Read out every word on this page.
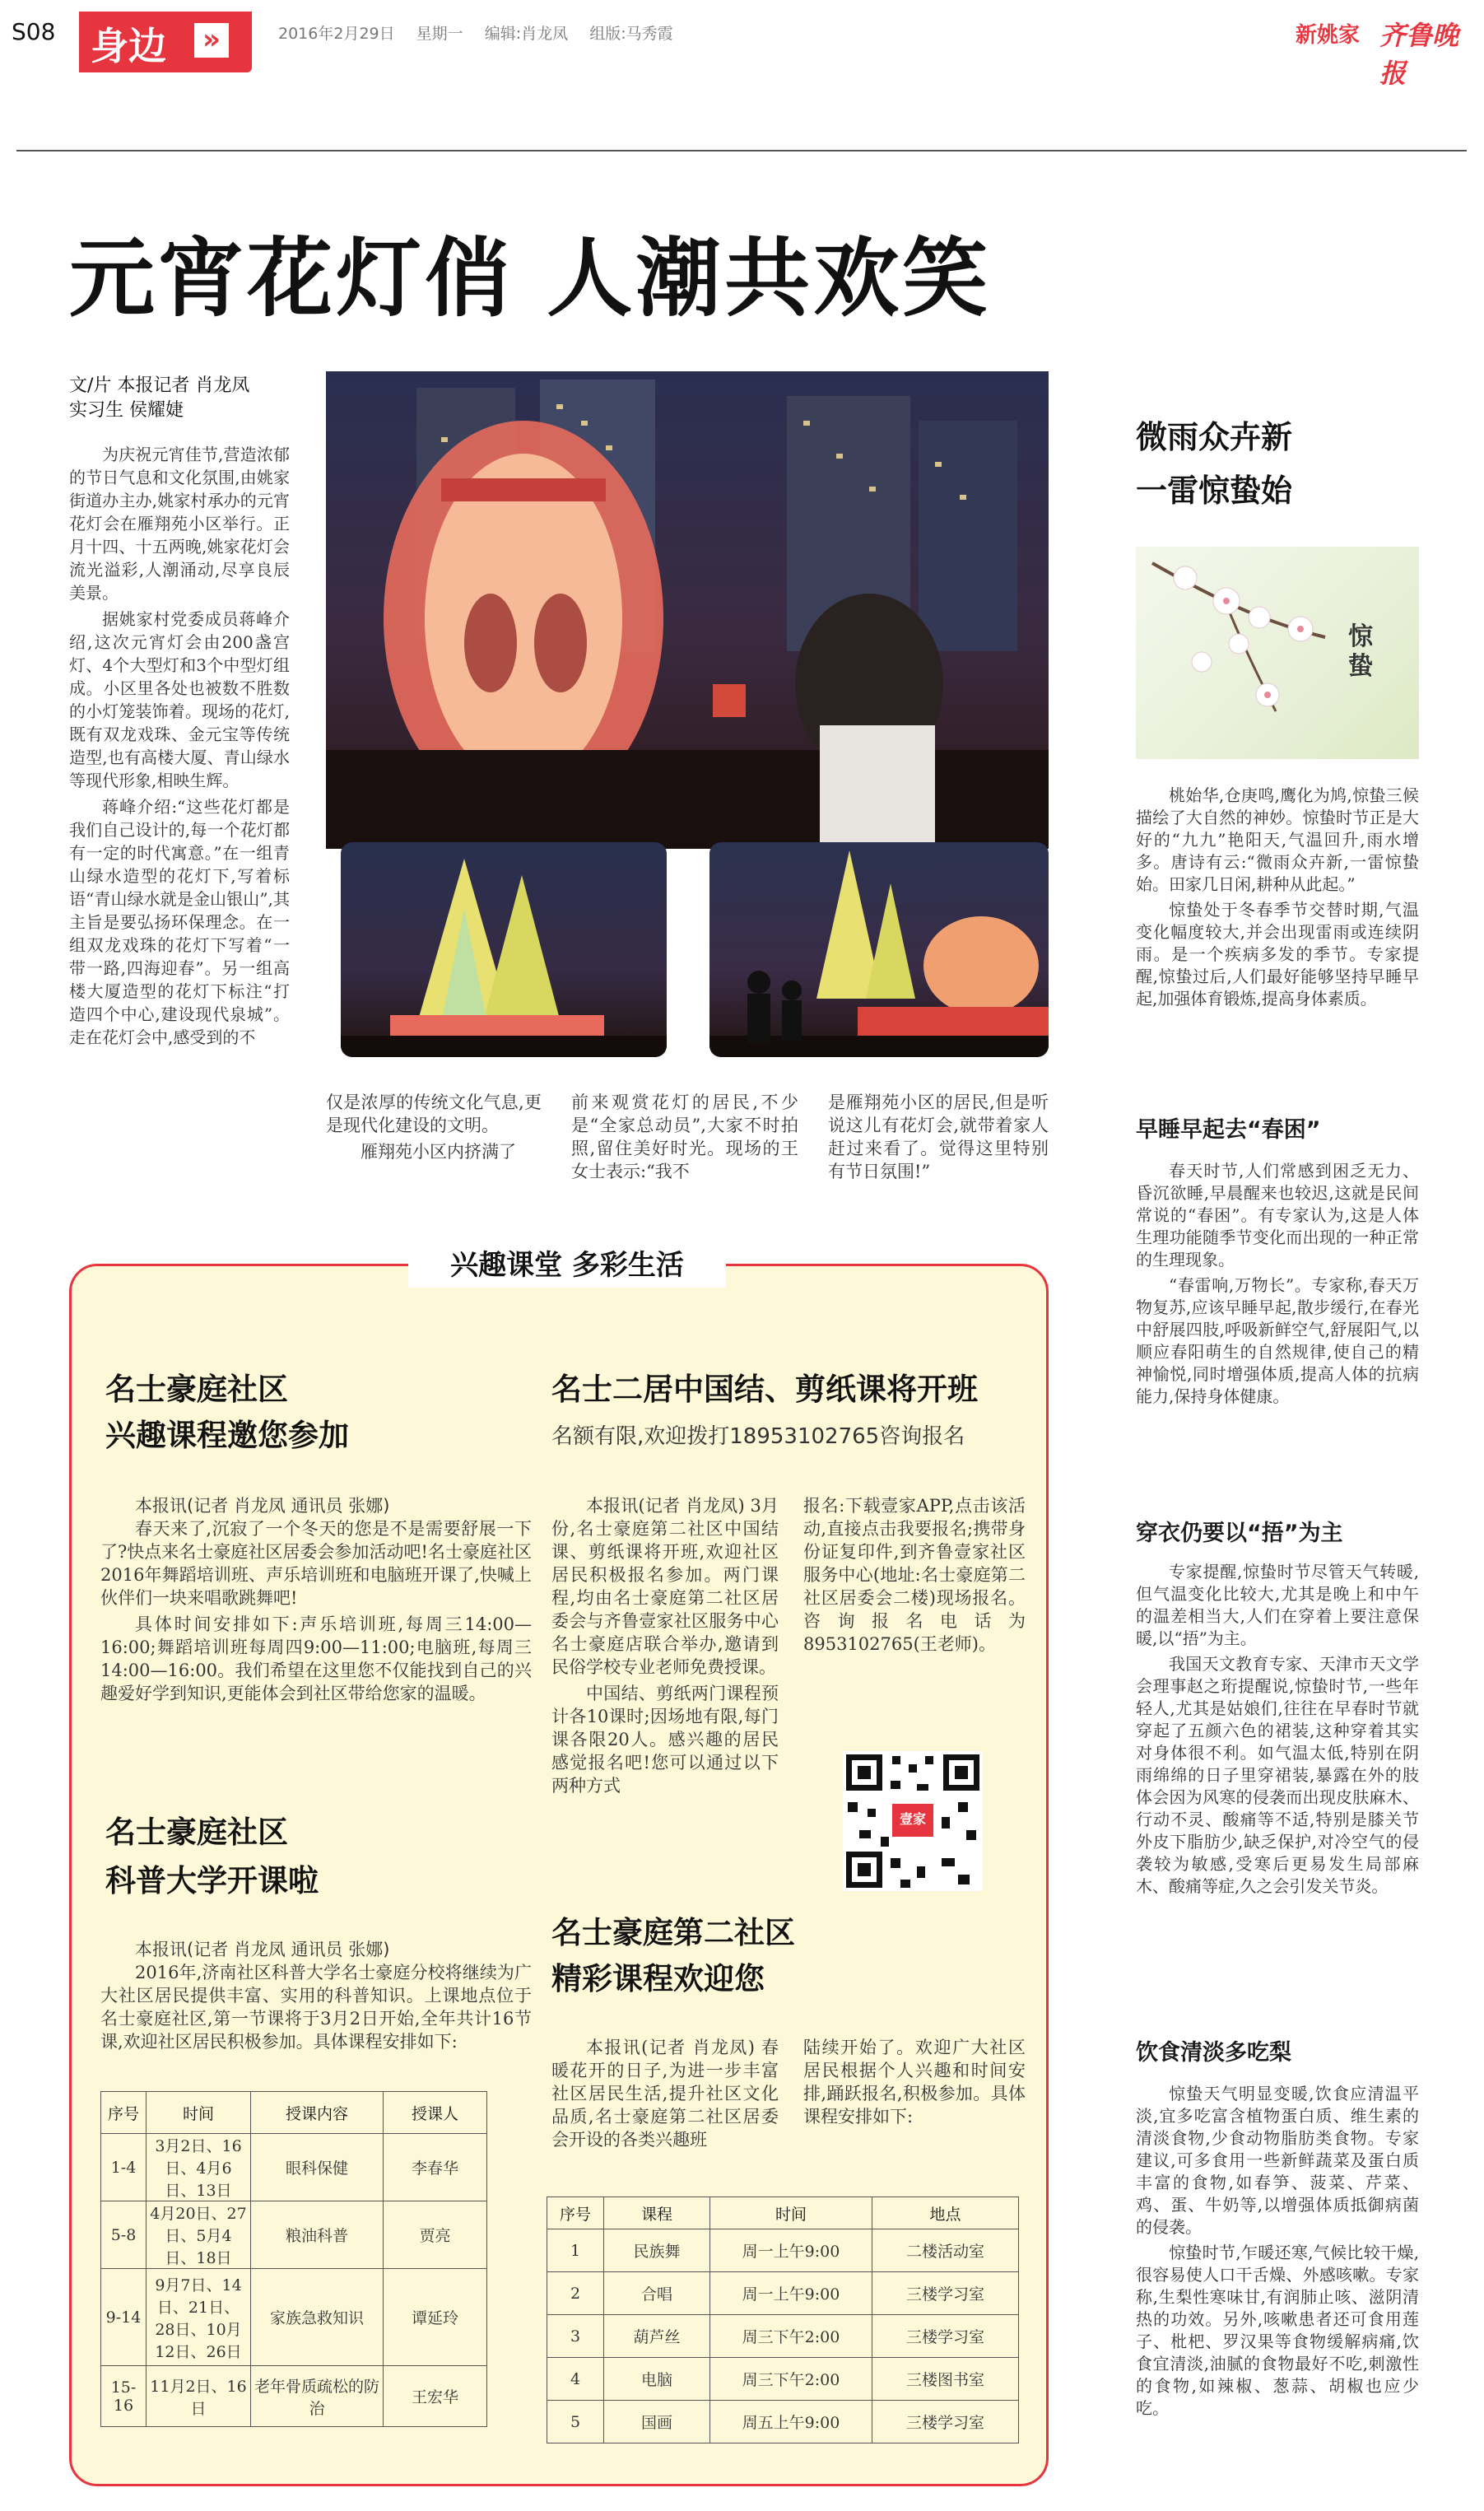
S08 身边 »	2016年2月29日 星期一 编辑:肖龙凤 组版:马秀霞	新姚家 齐鲁晚报
元宵花灯俏 人潮共欢笑
文/片 本报记者 肖龙凤
实习生 侯耀婕

为庆祝元宵佳节,营造浓郁的节日气息和文化氛围,由姚家街道办主办,姚家村承办的元宵花灯会在雁翔苑小区举行。正月十四、十五两晚,姚家花灯会流光溢彩,人潮涌动,尽享良辰美景。

据姚家村党委成员蒋峰介绍,这次元宵灯会由200盏宫灯、4个大型灯和3个中型灯组成。小区里各处也被数不胜数的小灯笼装饰着。现场的花灯,既有双龙戏珠、金元宝等传统造型,也有高楼大厦、青山绿水等现代形象,相映生辉。

蒋峰介绍:“这些花灯都是我们自己设计的,每一个花灯都有一定的时代寓意。”在一组青山绿水造型的花灯下,写着标语“青山绿水就是金山银山”,其主旨是要弘扬环保理念。在一组双龙戏珠的花灯下写着“一带一路,四海迎春”。另一组高楼大厦造型的花灯下标注“打造四个中心,建设现代泉城”。走在花灯会中,感受到的不

仅是浓厚的传统文化气息,更是现代化建设的文明。

雁翔苑小区内挤满了

前来观赏花灯的居民,不少是“全家总动员”,大家不时拍照,留住美好时光。现场的王女士表示:“我不

是雁翔苑小区的居民,但是听说这儿有花灯会,就带着家人赶过来看了。觉得这里特别有节日氛围!”

微雨众卉新
一雷惊蛰始
惊蛰

桃始华,仓庚鸣,鹰化为鸠,惊蛰三候描绘了大自然的神妙。惊蛰时节正是大好的“九九”艳阳天,气温回升,雨水增多。唐诗有云:“微雨众卉新,一雷惊蛰始。田家几日闲,耕种从此起。”

惊蛰处于冬春季节交替时期,气温变化幅度较大,并会出现雷雨或连续阴雨。是一个疾病多发的季节。专家提醒,惊蛰过后,人们最好能够坚持早睡早起,加强体育锻炼,提高身体素质。

早睡早起去“春困”

春天时节,人们常感到困乏无力、昏沉欲睡,早晨醒来也较迟,这就是民间常说的“春困”。有专家认为,这是人体生理功能随季节变化而出现的一种正常的生理现象。

“春雷响,万物长”。专家称,春天万物复苏,应该早睡早起,散步缓行,在春光中舒展四肢,呼吸新鲜空气,舒展阳气,以顺应春阳萌生的自然规律,使自己的精神愉悦,同时增强体质,提高人体的抗病能力,保持身体健康。

穿衣仍要以“捂”为主

专家提醒,惊蛰时节尽管天气转暖,但气温变化比较大,尤其是晚上和中午的温差相当大,人们在穿着上要注意保暖,以“捂”为主。

我国天文教育专家、天津市天文学会理事赵之珩提醒说,惊蛰时节,一些年轻人,尤其是姑娘们,往往在早春时节就穿起了五颜六色的裙装,这种穿着其实对身体很不利。如气温太低,特别在阴雨绵绵的日子里穿裙装,暴露在外的肢体会因为风寒的侵袭而出现皮肤麻木、行动不灵、酸痛等不适,特别是膝关节外皮下脂肪少,缺乏保护,对冷空气的侵袭较为敏感,受寒后更易发生局部麻木、酸痛等症,久之会引发关节炎。

饮食清淡多吃梨

惊蛰天气明显变暖,饮食应清温平淡,宜多吃富含植物蛋白质、维生素的清淡食物,少食动物脂肪类食物。专家建议,可多食用一些新鲜蔬菜及蛋白质丰富的食物,如春笋、菠菜、芹菜、鸡、蛋、牛奶等,以增强体质抵御病菌的侵袭。

惊蛰时节,乍暖还寒,气候比较干燥,很容易使人口干舌燥、外感咳嗽。专家称,生梨性寒味甘,有润肺止咳、滋阴清热的功效。另外,咳嗽患者还可食用莲子、枇杷、罗汉果等食物缓解病痛,饮食宜清淡,油腻的食物最好不吃,刺激性的食物,如辣椒、葱蒜、胡椒也应少吃。

兴趣课堂 多彩生活
名士豪庭社区
兴趣课程邀您参加

本报讯(记者 肖龙凤 通讯员 张娜)

春天来了,沉寂了一个冬天的您是不是需要舒展一下了?快点来名士豪庭社区居委会参加活动吧!名士豪庭社区2016年舞蹈培训班、声乐培训班和电脑班开课了,快喊上伙伴们一块来唱歌跳舞吧!

具体时间安排如下:声乐培训班,每周三14:00—16:00;舞蹈培训班每周四9:00—11:00;电脑班,每周三14:00—16:00。我们希望在这里您不仅能找到自己的兴趣爱好学到知识,更能体会到社区带给您家的温暖。

名士豪庭社区
科普大学开课啦

本报讯(记者 肖龙凤 通讯员 张娜)

2016年,济南社区科普大学名士豪庭分校将继续为广大社区居民提供丰富、实用的科普知识。上课地点位于名士豪庭社区,第一节课将于3月2日开始,全年共计16节课,欢迎社区居民积极参加。具体课程安排如下:

序号	时间	授课内容	授课人
1-4	3月2日、16日、4月6日、13日	眼科保健	李春华
5-8	4月20日、27日、5月4日、18日	粮油科普	贾亮
9-14	9月7日、14日、21日、28日、10月12日、26日	家族急救知识	谭延玲
15-16	11月2日、16日	老年骨质疏松的防治	王宏华
名士二居中国结、剪纸课将开班
名额有限,欢迎拨打18953102765咨询报名

本报讯(记者 肖龙凤) 3月份,名士豪庭第二社区中国结课、剪纸课将开班,欢迎社区居民积极报名参加。两门课程,均由名士豪庭第二社区居委会与齐鲁壹家社区服务中心名士豪庭店联合举办,邀请到民俗学校专业老师免费授课。

中国结、剪纸两门课程预计各10课时;因场地有限,每门课各限20人。感兴趣的居民感觉报名吧!您可以通过以下两种方式

报名:下载壹家APP,点击该活动,直接点击我要报名;携带身份证复印件,到齐鲁壹家社区服务中心(地址:名士豪庭第二社区居委会二楼)现场报名。咨询报名电话为8953102765(王老师)。

壹家
名士豪庭第二社区
精彩课程欢迎您

本报讯(记者 肖龙凤) 春暖花开的日子,为进一步丰富社区居民生活,提升社区文化品质,名士豪庭第二社区居委会开设的各类兴趣班

陆续开始了。欢迎广大社区居民根据个人兴趣和时间安排,踊跃报名,积极参加。具体课程安排如下:

序号	课程	时间	地点
1	民族舞	周一上午9:00	二楼活动室
2	合唱	周一上午9:00	三楼学习室
3	葫芦丝	周三下午2:00	三楼学习室
4	电脑	周三下午2:00	三楼图书室
5	国画	周五上午9:00	三楼学习室
